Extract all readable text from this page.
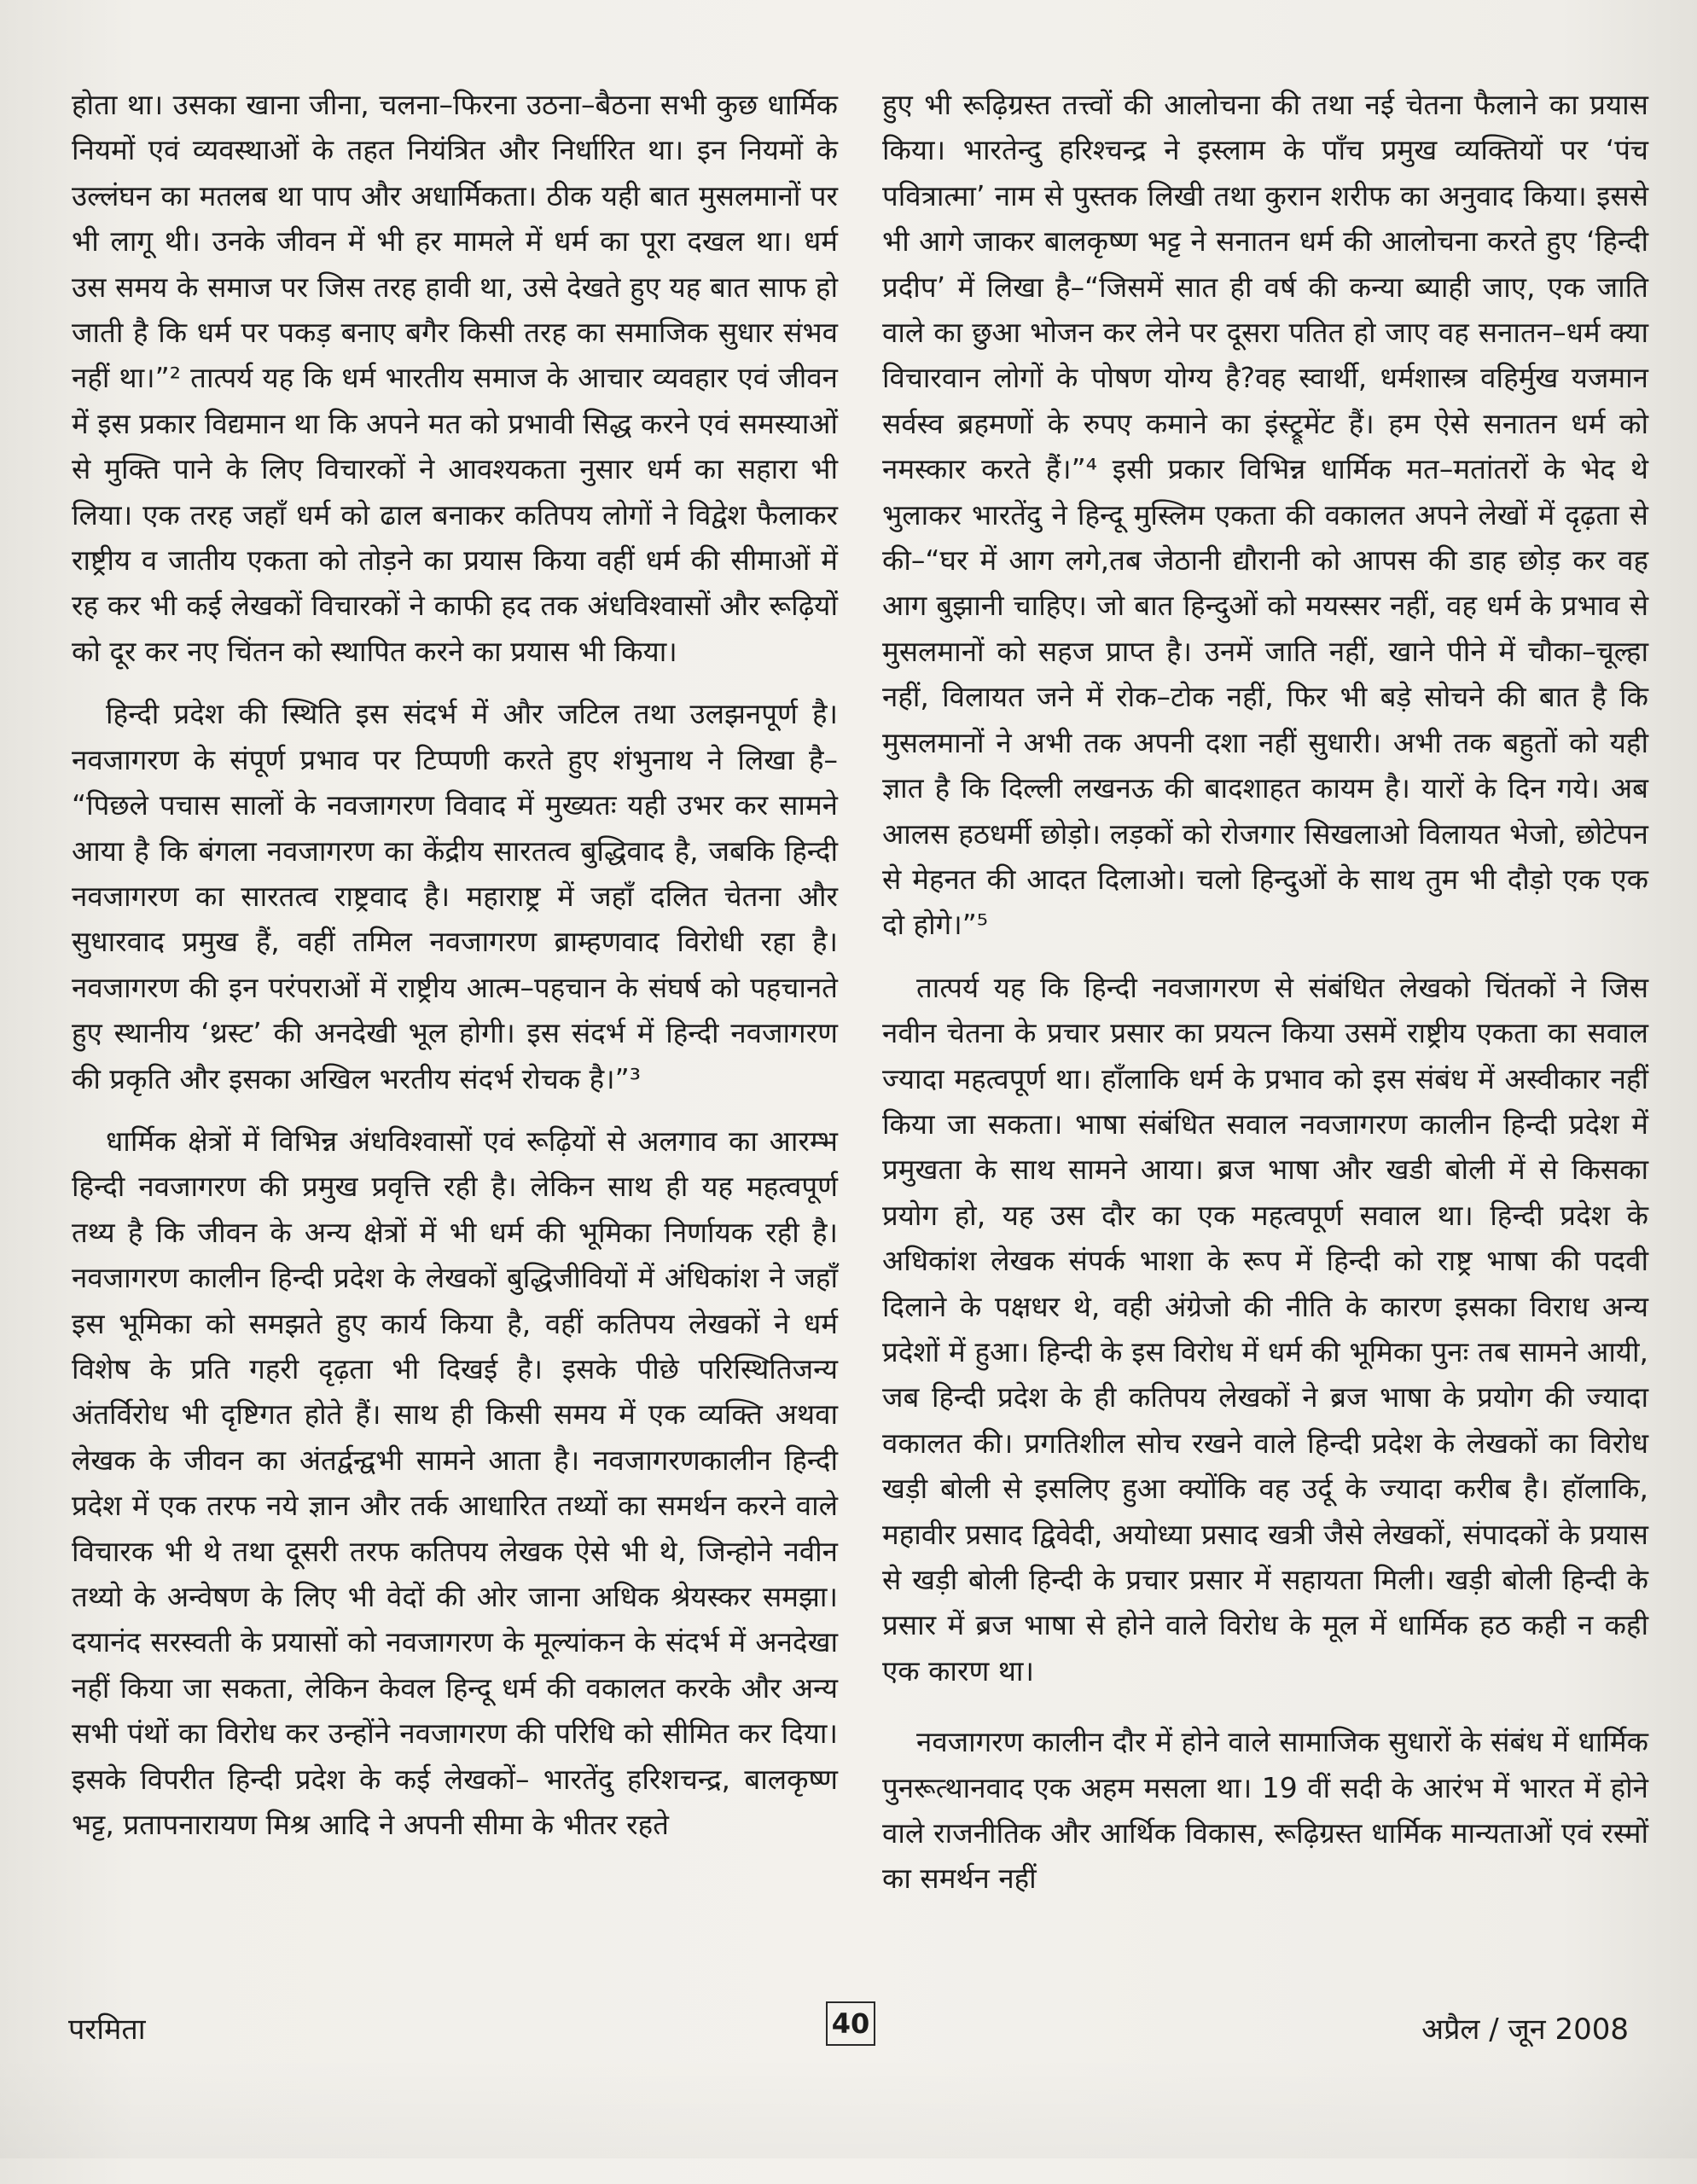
होता था। उसका खाना जीना, चलना–फिरना उठना–बैठना सभी कुछ धार्मिक नियमों एवं व्यवस्थाओं के तहत नियंत्रित और निर्धारित था। इन नियमों के उल्लंघन का मतलब था पाप और अधार्मिकता। ठीक यही बात मुसलमानों पर भी लागू थी। उनके जीवन में भी हर मामले में धर्म का पूरा दखल था। धर्म उस समय के समाज पर जिस तरह हावी था, उसे देखते हुए यह बात साफ हो जाती है कि धर्म पर पकड़ बनाए बगैर किसी तरह का समाजिक सुधार संभव नहीं था।”² तात्पर्य यह कि धर्म भारतीय समाज के आचार व्यवहार एवं जीवन में इस प्रकार विद्यमान था कि अपने मत को प्रभावी सिद्ध करने एवं समस्याओं से मुक्ति पाने के लिए विचारकों ने आवश्यकता नुसार धर्म का सहारा भी लिया। एक तरह जहाँ धर्म को ढाल बनाकर कतिपय लोगों ने विद्वेश फैलाकर राष्ट्रीय व जातीय एकता को तोड़ने का प्रयास किया वहीं धर्म की सीमाओं में रह कर भी कई लेखकों विचारकों ने काफी हद तक अंधविश्वासों और रूढ़ियों को दूर कर नए चिंतन को स्थापित करने का प्रयास भी किया।

हिन्दी प्रदेश की स्थिति इस संदर्भ में और जटिल तथा उलझनपूर्ण है। नवजागरण के संपूर्ण प्रभाव पर टिप्पणी करते हुए शंभुनाथ ने लिखा है– “पिछले पचास सालों के नवजागरण विवाद में मुख्यतः यही उभर कर सामने आया है कि बंगला नवजागरण का केंद्रीय सारतत्व बुद्धिवाद है, जबकि हिन्दी नवजागरण का सारतत्व राष्ट्रवाद है। महाराष्ट्र में जहाँ दलित चेतना और सुधारवाद प्रमुख हैं, वहीं तमिल नवजागरण ब्राम्हणवाद विरोधी रहा है। नवजागरण की इन परंपराओं में राष्ट्रीय आत्म–पहचान के संघर्ष को पहचानते हुए स्थानीय ‘थ्रस्ट’ की अनदेखी भूल होगी। इस संदर्भ में हिन्दी नवजागरण की प्रकृति और इसका अखिल भरतीय संदर्भ रोचक है।”³

धार्मिक क्षेत्रों में विभिन्न अंधविश्वासों एवं रूढ़ियों से अलगाव का आरम्भ हिन्दी नवजागरण की प्रमुख प्रवृत्ति रही है। लेकिन साथ ही यह महत्वपूर्ण तथ्य है कि जीवन के अन्य क्षेत्रों में भी धर्म की भूमिका निर्णायक रही है। नवजागरण कालीन हिन्दी प्रदेश के लेखकों बुद्धिजीवियों में अंधिकांश ने जहाँ इस भूमिका को समझते हुए कार्य किया है, वहीं कतिपय लेखकों ने धर्म विशेष के प्रति गहरी दृढ़ता भी दिखई है। इसके पीछे परिस्थितिजन्य अंतर्विरोध भी दृष्टिगत होते हैं। साथ ही किसी समय में एक व्यक्ति अथवा लेखक के जीवन का अंतर्द्वन्द्वभी सामने आता है। नवजागरणकालीन हिन्दी प्रदेश में एक तरफ नये ज्ञान और तर्क आधारित तथ्यों का समर्थन करने वाले विचारक भी थे तथा दूसरी तरफ कतिपय लेखक ऐसे भी थे, जिन्होने नवीन तथ्यो के अन्वेषण के लिए भी वेदों की ओर जाना अधिक श्रेयस्कर समझा। दयानंद सरस्वती के प्रयासों को नवजागरण के मूल्यांकन के संदर्भ में अनदेखा नहीं किया जा सकता, लेकिन केवल हिन्दू धर्म की वकालत करके और अन्य सभी पंथों का विरोध कर उन्होंने नवजागरण की परिधि को सीमित कर दिया। इसके विपरीत हिन्दी प्रदेश के कई लेखकों– भारतेंदु हरिशचन्द्र, बालकृष्ण भट्ट, प्रतापनारायण मिश्र आदि ने अपनी सीमा के भीतर रहते

हुए भी रूढ़िग्रस्त तत्त्वों की आलोचना की तथा नई चेतना फैलाने का प्रयास किया। भारतेन्दु हरिश्चन्द्र ने इस्लाम के पाँच प्रमुख व्यक्तियों पर ‘पंच पवित्रात्मा’ नाम से पुस्तक लिखी तथा कुरान शरीफ का अनुवाद किया। इससे भी आगे जाकर बालकृष्ण भट्ट ने सनातन धर्म की आलोचना करते हुए ‘हिन्दी प्रदीप’ में लिखा है–“जिसमें सात ही वर्ष की कन्या ब्याही जाए, एक जाति वाले का छुआ भोजन कर लेने पर दूसरा पतित हो जाए वह सनातन–धर्म क्या विचारवान लोगों के पोषण योग्य है?वह स्वार्थी, धर्मशास्त्र वहिर्मुख यजमान सर्वस्व ब्रहमणों के रुपए कमाने का इंस्ट्रूमेंट हैं। हम ऐसे सनातन धर्म को नमस्कार करते हैं।”⁴ इसी प्रकार विभिन्न धार्मिक मत–मतांतरों के भेद थे भुलाकर भारतेंदु ने हिन्दू मुस्लिम एकता की वकालत अपने लेखों में दृढ़ता से की–“घर में आग लगे,तब जेठानी द्यौरानी को आपस की डाह छोड़ कर वह आग बुझानी चाहिए। जो बात हिन्दुओं को मयस्सर नहीं, वह धर्म के प्रभाव से मुसलमानों को सहज प्राप्त है। उनमें जाति नहीं, खाने पीने में चौका–चूल्हा नहीं, विलायत जने में रोक–टोक नहीं, फिर भी बड़े सोचने की बात है कि मुसलमानों ने अभी तक अपनी दशा नहीं सुधारी। अभी तक बहुतों को यही ज्ञात है कि दिल्ली लखनऊ की बादशाहत कायम है। यारों के दिन गये। अब आलस हठधर्मी छोड़ो। लड़कों को रोजगार सिखलाओ विलायत भेजो, छोटेपन से मेहनत की आदत दिलाओ। चलो हिन्दुओं के साथ तुम भी दौड़ो एक एक दो होगे।”⁵

तात्पर्य यह कि हिन्दी नवजागरण से संबंधित लेखको चिंतकों ने जिस नवीन चेतना के प्रचार प्रसार का प्रयत्न किया उसमें राष्ट्रीय एकता का सवाल ज्यादा महत्वपूर्ण था। हाँलाकि धर्म के प्रभाव को इस संबंध में अस्वीकार नहीं किया जा सकता। भाषा संबंधित सवाल नवजागरण कालीन हिन्दी प्रदेश में प्रमुखता के साथ सामने आया। ब्रज भाषा और खडी बोली में से किसका प्रयोग हो, यह उस दौर का एक महत्वपूर्ण सवाल था। हिन्दी प्रदेश के अधिकांश लेखक संपर्क भाशा के रूप में हिन्दी को राष्ट्र भाषा की पदवी दिलाने के पक्षधर थे, वही अंग्रेजो की नीति के कारण इसका विराध अन्य प्रदेशों में हुआ। हिन्दी के इस विरोध में धर्म की भूमिका पुनः तब सामने आयी, जब हिन्दी प्रदेश के ही कतिपय लेखकों ने ब्रज भाषा के प्रयोग की ज्यादा वकालत की। प्रगतिशील सोच रखने वाले हिन्दी प्रदेश के लेखकों का विरोध खड़ी बोली से इसलिए हुआ क्योंकि वह उर्दू के ज्यादा करीब है। हॉलाकि, महावीर प्रसाद द्विवेदी, अयोध्या प्रसाद खत्री जैसे लेखकों, संपादकों के प्रयास से खड़ी बोली हिन्दी के प्रचार प्रसार में सहायता मिली। खड़ी बोली हिन्दी के प्रसार में ब्रज भाषा से होने वाले विरोध के मूल में धार्मिक हठ कही न कही एक कारण था।

नवजागरण कालीन दौर में होने वाले सामाजिक सुधारों के संबंध में धार्मिक पुनरूत्थानवाद एक अहम मसला था। 19 वीं सदी के आरंभ में भारत में होने वाले राजनीतिक और आर्थिक विकास, रूढ़िग्रस्त धार्मिक मान्यताओं एवं रस्मों का समर्थन नहीं

परमिता	40	अप्रैल / जून 2008
